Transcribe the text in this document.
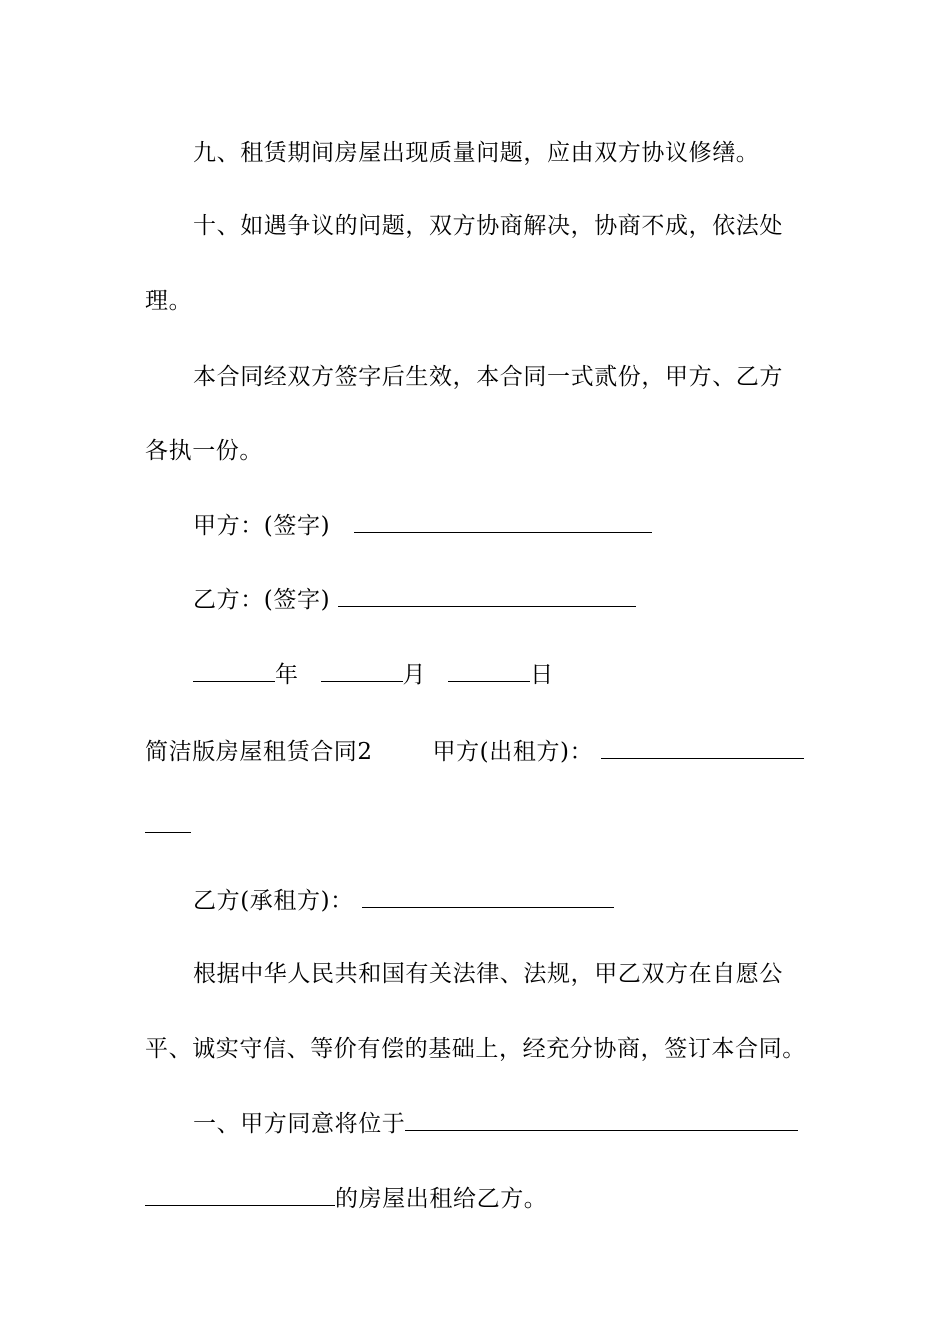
九、租赁期间房屋出现质量问题，应由双方协议修缮。
十、如遇争议的问题，双方协商解决，协商不成，依法处
理。
本合同经双方签字后生效，本合同一式贰份，甲方、乙方
各执一份。
甲方：(签字)
乙方：(签字)
年	月	日
简洁版房屋租赁合同2	甲方(出租方)：
乙方(承租方)：
根据中华人民共和国有关法律、法规，甲乙双方在自愿公
平、诚实守信、等价有偿的基础上，经充分协商，签订本合同。
一、甲方同意将位于
的房屋出租给乙方。
